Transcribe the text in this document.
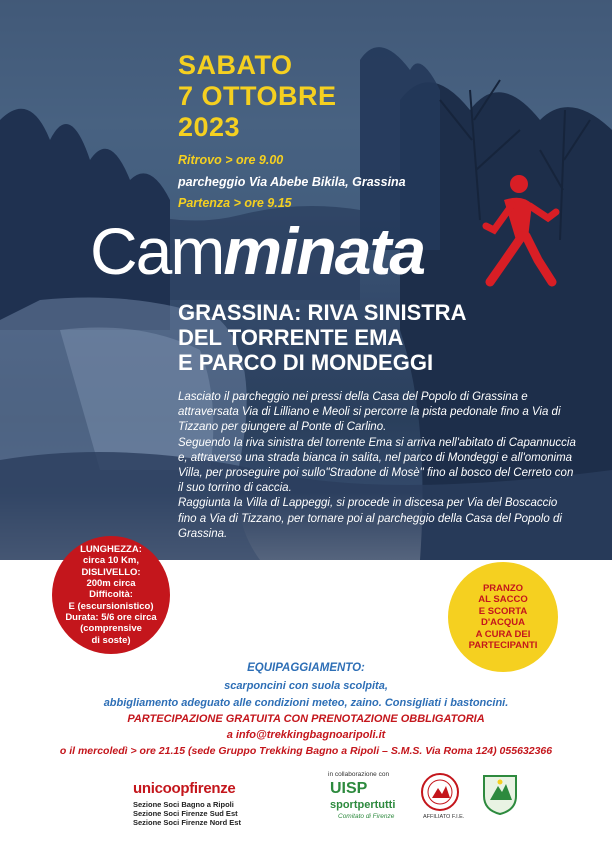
SABATO
7 OTTOBRE
2023

Ritrovo > ore 9.00

parcheggio Via Abebe Bikila, Grassina

Partenza > ore 9.15

Camminata
GRASSINA: RIVA SINISTRA
DEL TORRENTE EMA
E PARCO DI MONDEGGI

Lasciato il parcheggio nei pressi della Casa del Popolo di Grassina e attraversata Via di Lilliano e Meoli si percorre la pista pedonale fino a Via di Tizzano per giungere al Ponte di Carlino.

Seguendo la riva sinistra del torrente Ema si arriva nell'abitato di Capannuccia e, attraverso una strada bianca in salita, nel parco di Mondeggi e all'omonima Villa, per proseguire poi sullo"Stradone di Mosè" fino al bosco del Cerreto con il suo torrino di caccia.

Raggiunta la Villa di Lappeggi, si procede in discesa per Via del Boscaccio fino a Via di Tizzano, per tornare poi al parcheggio della Casa del Popolo di Grassina.

LUNGHEZZA:
circa 10 Km,
DISLIVELLO:
200m circa
Difficoltà:
E (escursionistico)
Durata: 5/6 ore circa
(comprensive
di soste)
PRANZO
AL SACCO
E SCORTA D'ACQUA
A CURA DEI
PARTECIPANTI

EQUIPAGGIAMENTO:

scarponcini con suola scolpita,

abbigliamento adeguato alle condizioni meteo, zaino. Consigliati i bastoncini.

PARTECIPAZIONE GRATUITA CON PRENOTAZIONE OBBLIGATORIA

a info@trekkingbagnoaripoli.it

o il mercoledì > ore 21.15 (sede Gruppo Trekking Bagno a Ripoli – S.M.S. Via Roma 124) 055632366

unicoopfirenze

Sezione Soci Bagno a Ripoli
Sezione Soci Firenze Sud Est
Sezione Soci Firenze Nord Est

in collaborazione con

UISP

sportpertutti

Comitato di Firenze	AFFILIATO F.I.E.
